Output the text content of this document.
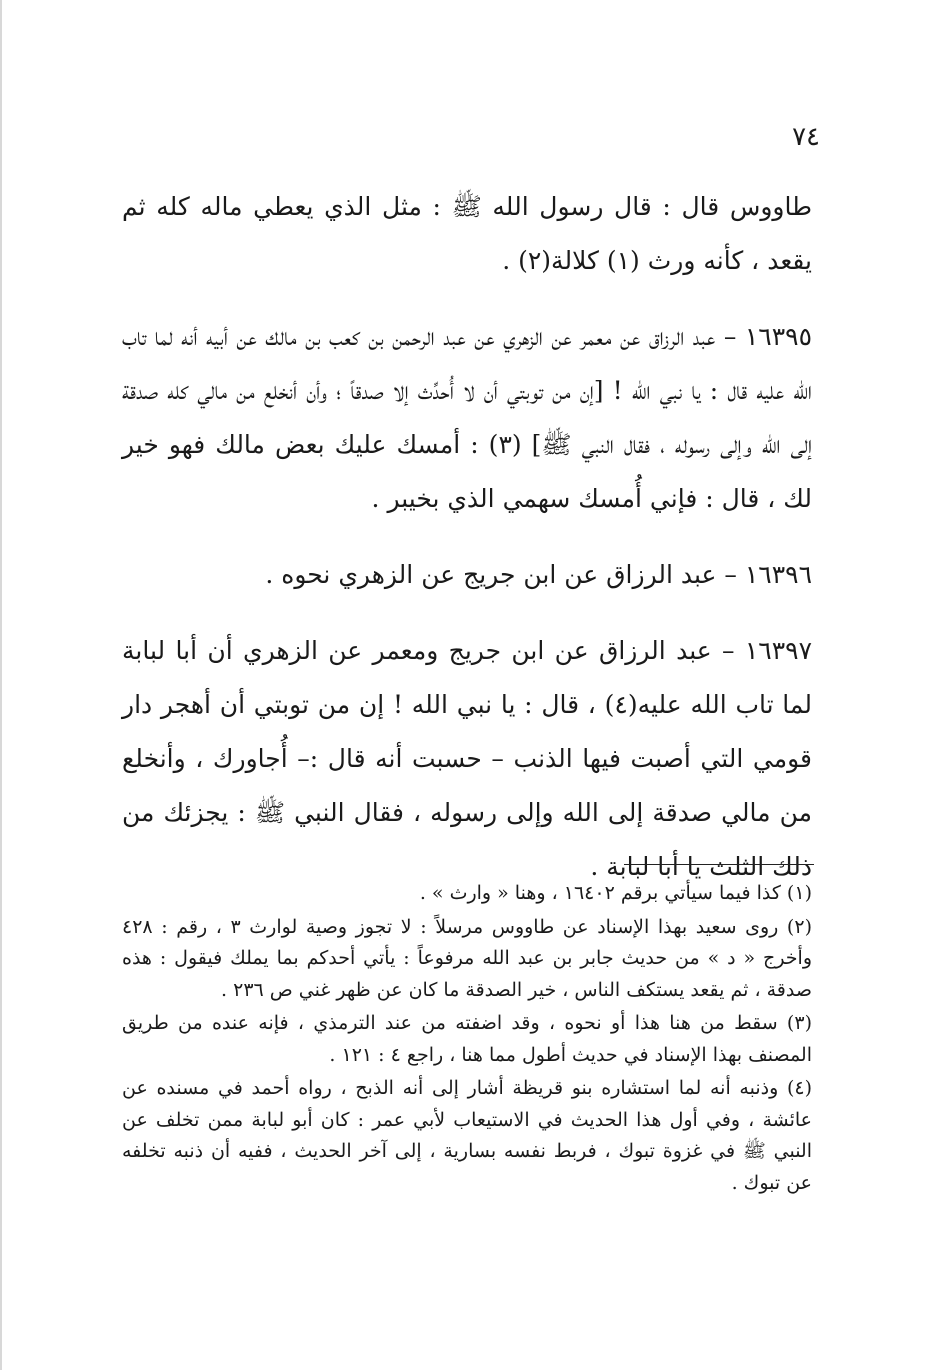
٧٤

طاووس قال : قال رسول الله ﷺ : مثل الذي يعطي ماله كله ثم يقعد ، كأنه ورث (١) كلالة(٢) .

١٦٣٩٥ – عبد الرزاق عن معمر عن الزهري عن عبد الرحمن بن كعب بن مالك عن أبيه أنه لما تاب الله عليه قال : يا نبي الله ! [إن من توبتي أن لا أُحدِّث إلا صدقاً ؛ وأن أنخلع من مالي كله صدقة إلى الله وإلى رسوله ، فقال النبي ﷺ] (٣) : أمسك عليك بعض مالك فهو خير لك ، قال : فإني أُمسك سهمي الذي بخيبر .

١٦٣٩٦ – عبد الرزاق عن ابن جريج عن الزهري نحوه .

١٦٣٩٧ – عبد الرزاق عن ابن جريج ومعمر عن الزهري أن أبا لبابة لما تاب الله عليه(٤) ، قال : يا نبي الله ! إن من توبتي أن أهجر دار قومي التي أصبت فيها الذنب – حسبت أنه قال :– أُجاورك ، وأنخلع من مالي صدقة إلى الله وإلى رسوله ، فقال النبي ﷺ : يجزئك من ذلك الثلث يا أبا لبابة .

(١) كذا فيما سيأتي برقم ١٦٤٠٢ ، وهنا « وارث » .

(٢) روى سعيد بهذا الإسناد عن طاووس مرسلاً : لا تجوز وصية لوارث ٣ ، رقم : ٤٢٨ وأخرج « د » من حديث جابر بن عبد الله مرفوعاً : يأتي أحدكم بما يملك فيقول : هذه صدقة ، ثم يقعد يستكف الناس ، خير الصدقة ما كان عن ظهر غني ص ٢٣٦ .

(٣) سقط من هنا هذا أو نحوه ، وقد اضفته من عند الترمذي ، فإنه عنده من طريق المصنف بهذا الإسناد في حديث أطول مما هنا ، راجع ٤ : ١٢١ .

(٤) وذنبه أنه لما استشاره بنو قريظة أشار إلى أنه الذبح ، رواه أحمد في مسنده عن عائشة ، وفي أول هذا الحديث في الاستيعاب لأبي عمر : كان أبو لبابة ممن تخلف عن النبي ﷺ في غزوة تبوك ، فربط نفسه بسارية ، إلى آخر الحديث ، ففيه أن ذنبه تخلفه عن تبوك .
